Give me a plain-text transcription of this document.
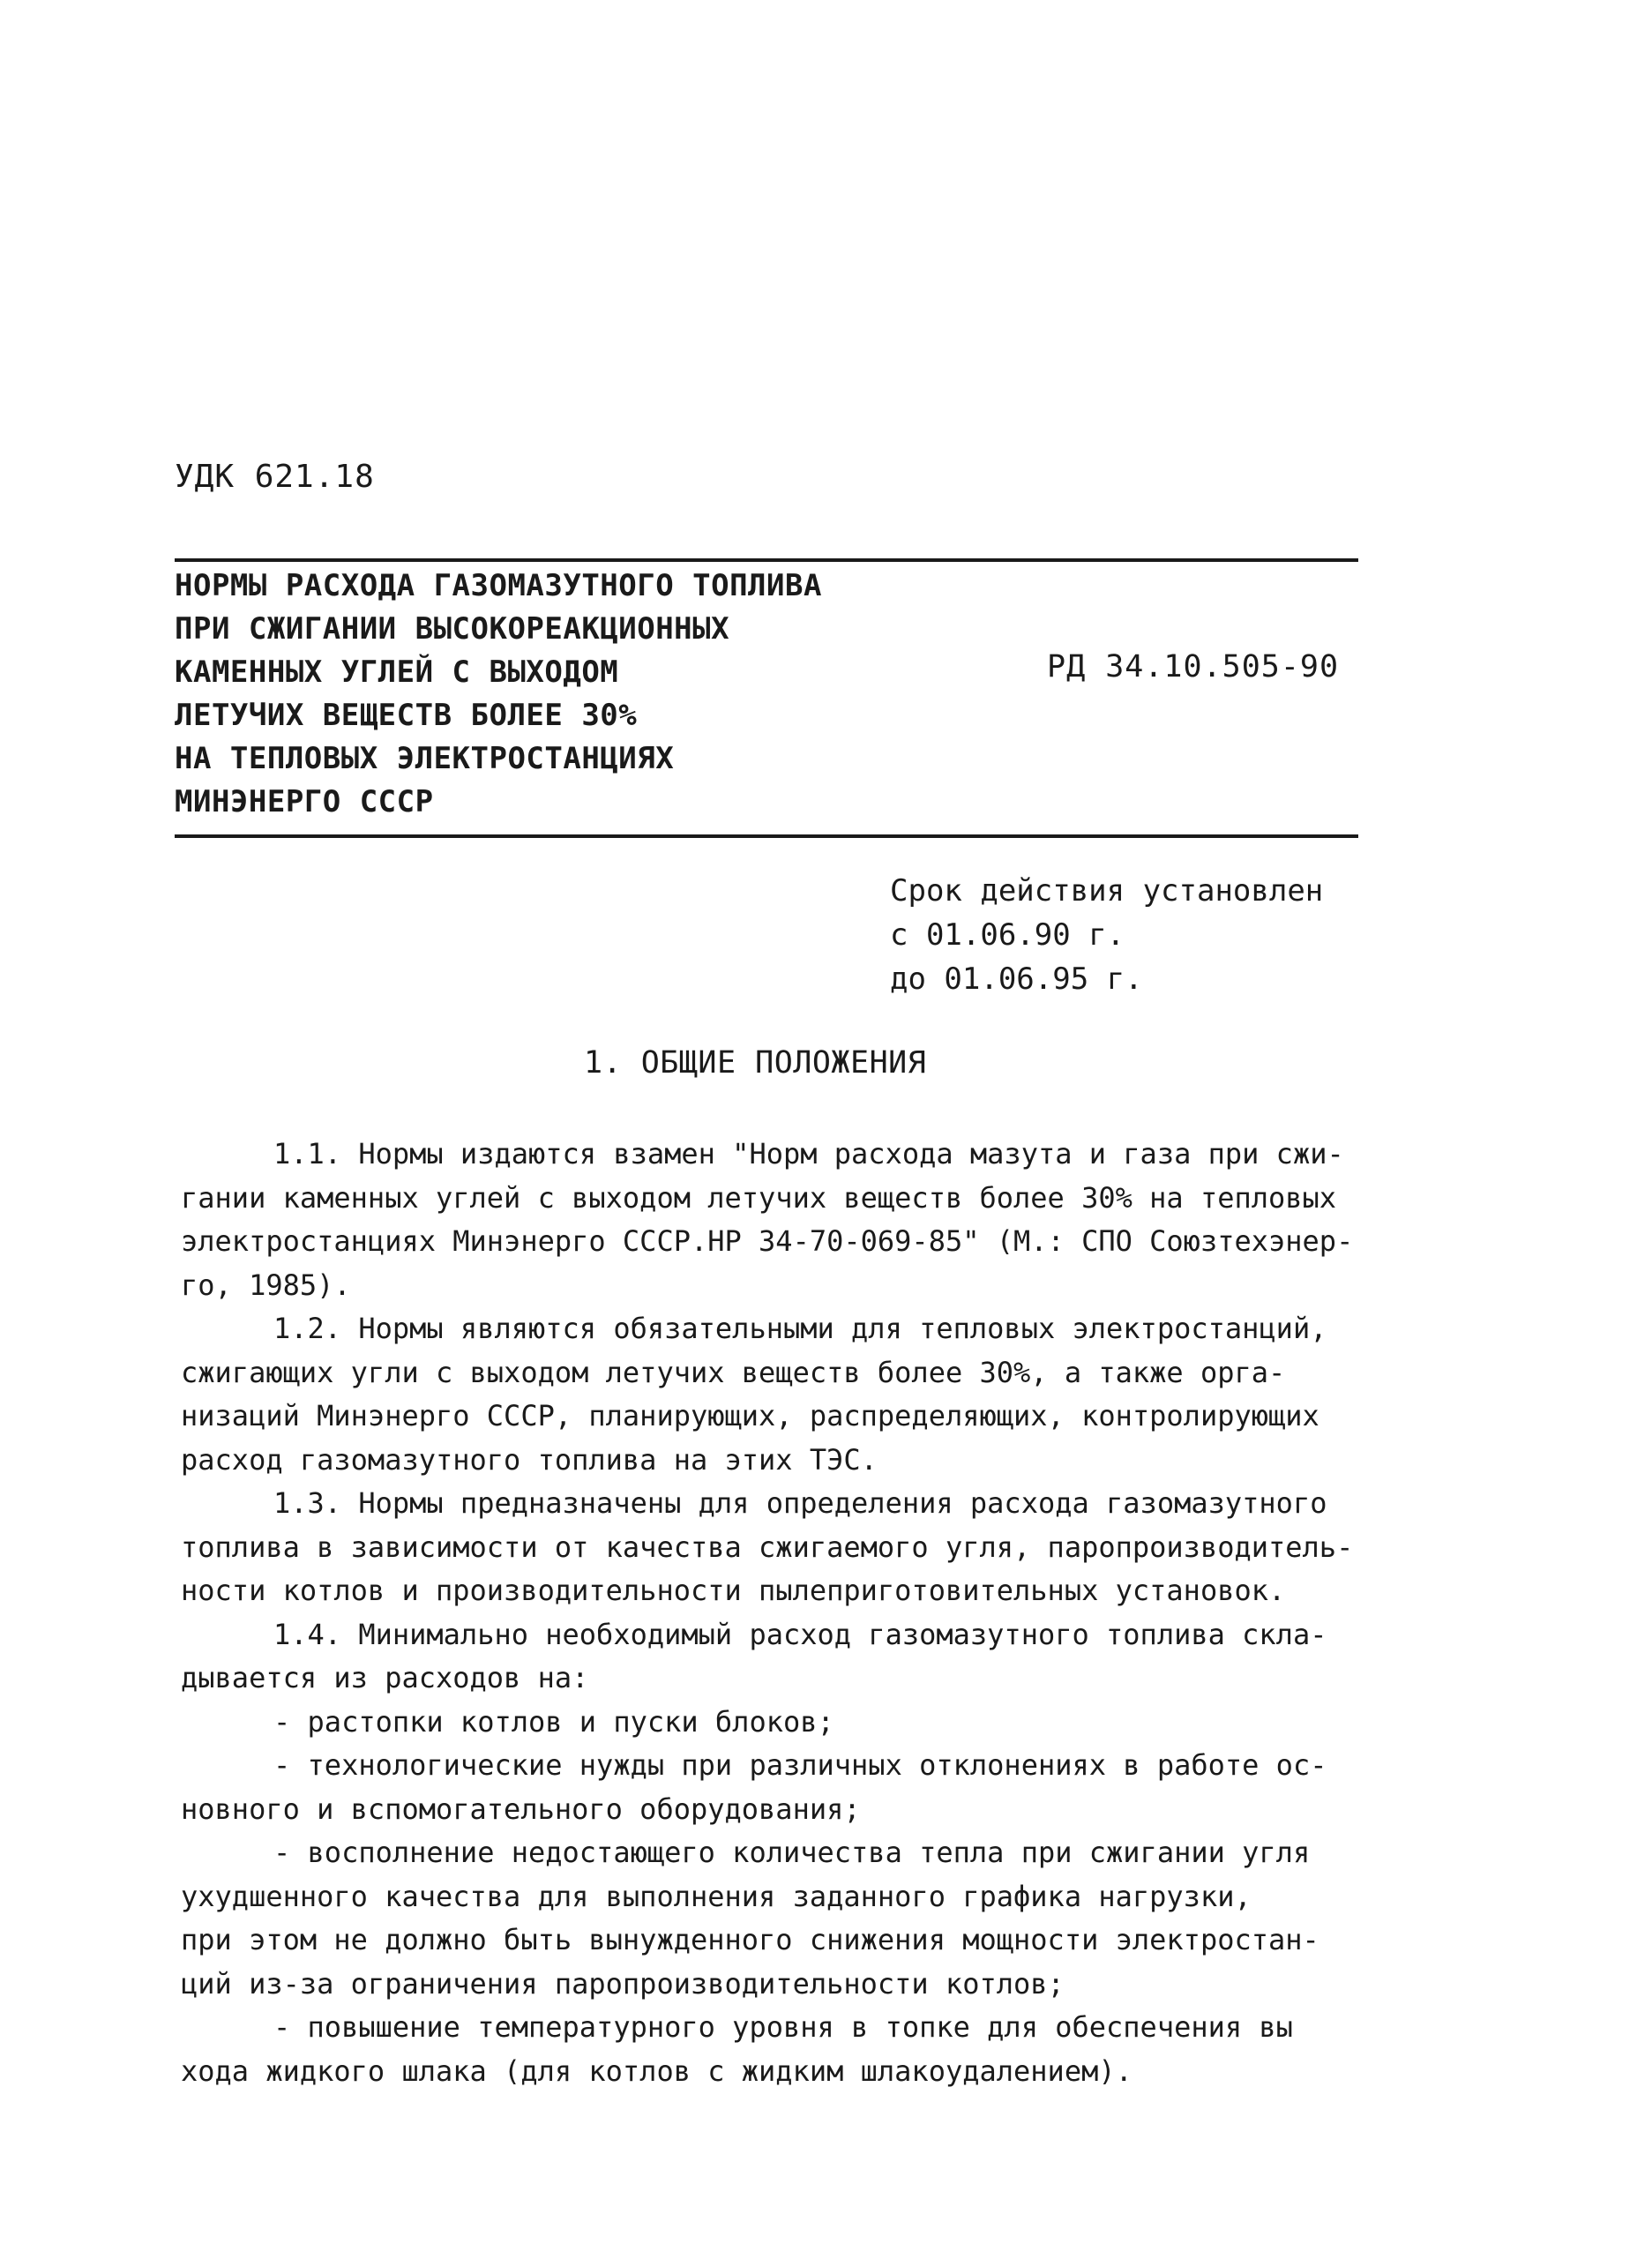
УДК 621.18
НОРМЫ РАСХОДА ГАЗОМАЗУТНОГО ТОПЛИВА
ПРИ СЖИГАНИИ ВЫСОКОРЕАКЦИОННЫХ
КАМЕННЫХ УГЛЕЙ С ВЫХОДОМ
ЛЕТУЧИХ ВЕЩЕСТВ БОЛЕЕ 30%
НА ТЕПЛОВЫХ ЭЛЕКТРОСТАНЦИЯХ
МИНЭНЕРГО СССР
РД 34.10.505-90
Срок действия установлен
с 01.06.90 г.
до 01.06.95 г.
1. ОБЩИЕ ПОЛОЖЕНИЯ
1.1. Нормы издаются взамен "Норм расхода мазута и газа при сжи-
гании каменных углей с выходом летучих веществ более 30% на тепловых
электростанциях Минэнерго СССР.НР 34-70-069-85" (М.: СПО Союзтехэнер-
го, 1985).
1.2. Нормы являются обязательными для тепловых электростанций,
сжигающих угли с выходом летучих веществ более 30%, а также орга-
низаций Минэнерго СССР, планирующих, распределяющих, контролирующих
расход газомазутного топлива на этих ТЭС.
1.3. Нормы предназначены для определения расхода газомазутного
топлива в зависимости от качества сжигаемого угля, паропроизводитель-
ности котлов и производительности пылеприготовительных установок.
1.4. Минимально необходимый расход газомазутного топлива скла-
дывается из расходов на:
- растопки котлов и пуски блоков;
- технологические нужды при различных отклонениях в работе ос-
новного и вспомогательного оборудования;
- восполнение недостающего количества тепла при сжигании угля
ухудшенного качества для выполнения заданного графика нагрузки,
при этом не должно быть вынужденного снижения мощности электростан-
ций из-за ограничения паропроизводительности котлов;
- повышение температурного уровня в топке для обеспечения вы
хода жидкого шлака (для котлов с жидким шлакоудалением).
